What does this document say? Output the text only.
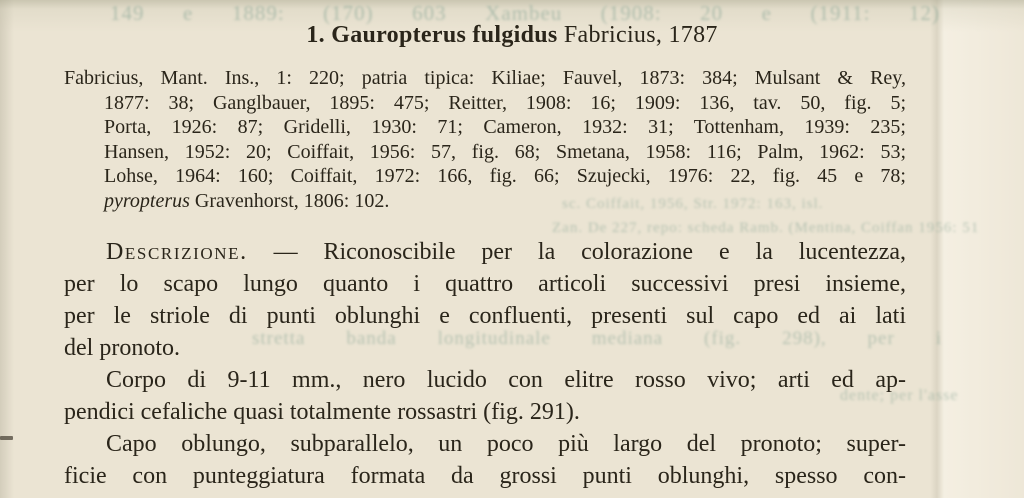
149 e 1889: (170) 603 Xambeu (1908: 20 e (1911: 12)
1. Gauropterus fulgidus Fabricius, 1787
Fabricius, Mant. Ins., 1: 220; patria tipica: Kiliae; Fauvel, 1873: 384; Mulsant & Rey,
1877: 38; Ganglbauer, 1895: 475; Reitter, 1908: 16; 1909: 136, tav. 50, fig. 5;
Porta, 1926: 87; Gridelli, 1930: 71; Cameron, 1932: 31; Tottenham, 1939: 235;
Hansen, 1952: 20; Coiffait, 1956: 57, fig. 68; Smetana, 1958: 116; Palm, 1962: 53;
Lohse, 1964: 160; Coiffait, 1972: 166, fig. 66; Szujecki, 1976: 22, fig. 45 e 78;
pyropterus Gravenhorst, 1806: 102.	sc. Coiffait, 1956, Str. 1972: 163, isl.
Zan. De 227, repo: scheda Ramb. (Mentina, Coiffan 1956: 51
stretta banda longitudinale mediana (fig. 298), per i
dente; per l'asse
Descrizione. — Riconoscibile per la colorazione e la lucentezza,
per lo scapo lungo quanto i quattro articoli successivi presi insieme,
per le striole di punti oblunghi e confluenti, presenti sul capo ed ai lati
del pronoto.
Corpo di 9-11 mm., nero lucido con elitre rosso vivo; arti ed ap-
pendici cefaliche quasi totalmente rossastri (fig. 291).
Capo oblungo, subparallelo, un poco più largo del pronoto; super-
ficie con punteggiatura formata da grossi punti oblunghi, spesso con-
